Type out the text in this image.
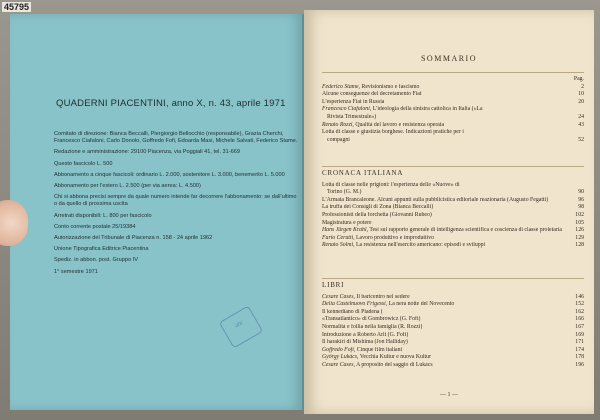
45795
QUADERNI PIACENTINI, anno X, n. 43, aprile 1971

Comitato di direzione: Bianca Beccalli, Piergiorgio Bellocchio (responsabile), Grazia Cherchi, Francesco Ciafaloni, Carlo Donolo, Goffredo Fofi, Edoarda Masi, Michele Salvati, Federico Stame.

Redazione e amministrazione: 29100 Piacenza, via Poggiali 41, tel. 31-669

Questo fascicolo L. 500

Abbonamento a cinque fascicoli: ordinario L. 2.000, sostenitore L. 3.000, benemerito L. 5.000

Abbonamento per l'estero L. 2.500 (per via aerea: L. 4.500)

Chi si abbona precisi sempre da quale numero intende far decorrere l'abbonamento: se dall'ultimo o da quello di prossima uscita

Arretrati disponibili: L. 800 per fascicolo

Conto corrente postale 25/19384

Autorizzazione del Tribunale di Piacenza n. 158 - 24 aprile 1962

Unione Tipografica Editrice Piacentina

Spediz. in abbon. post. Gruppo IV

1° semestre 1971

abc
SOMMARIO
Pag.
Federico Stame, Revisionismo e fascismo	2
Alcune conseguenze del decretamento Fiat	10
L'esperienza Fiat in Russia	20
Francesco Ciafaloni, L'ideologia della sinistra cattolica in Italia («La
Rivista Trimestrale»)	24
Renato Rozzi, Qualità del lavoro e resistenza operaia	43
Lotta di classe e giustizia borghese. Indicazioni pratiche per i
compagni	52
CRONACA ITALIANA
Lotta di classe nelle prigioni: l'esperienza delle «Nuove» di
Torino (G. M.)	90
L'Armata Brancaleone. Alcuni appunti sulla pubblicistica editoriale reazionaria (Augusto Fegatti)	96
La truffa dei Consigli di Zona (Bianca Beccalli)	98
Professionisti della forchetta (Giovanni Rubeo)	102
Magistratura e potere	105
Hans Jürgen Krahl, Tesi sul rapporto generale di intelligenza scientifica e coscienza di classe proletaria	126
Furio Cerutti, Lavoro produttivo e improduttivo	129
Renato Solmi, La resistenza nell'esercito americano: episodi e sviluppi	128
LIBRI
Cesare Cases, Il baricentro nel sedere	146
Delia Castelnuovo Frigessi, La nera notte del Novecento	152
Il kennediano di Piadena (	162
«Transatlantico» di Gombrowicz (G. Fofi)	166
Normalità e follia nella famiglia (R. Rozzi)	167
Introduzione a Roberto Arlt (G. Fofi)	169
Il harakiri di Mishima (Jon Halliday)	171
Goffredo Fofi, Cinque film italiani	174
György Lukács, Vecchia Kultur e nuova Kultur	178
Cesare Cases, A proposito del saggio di Lukács	196
— 1 —
